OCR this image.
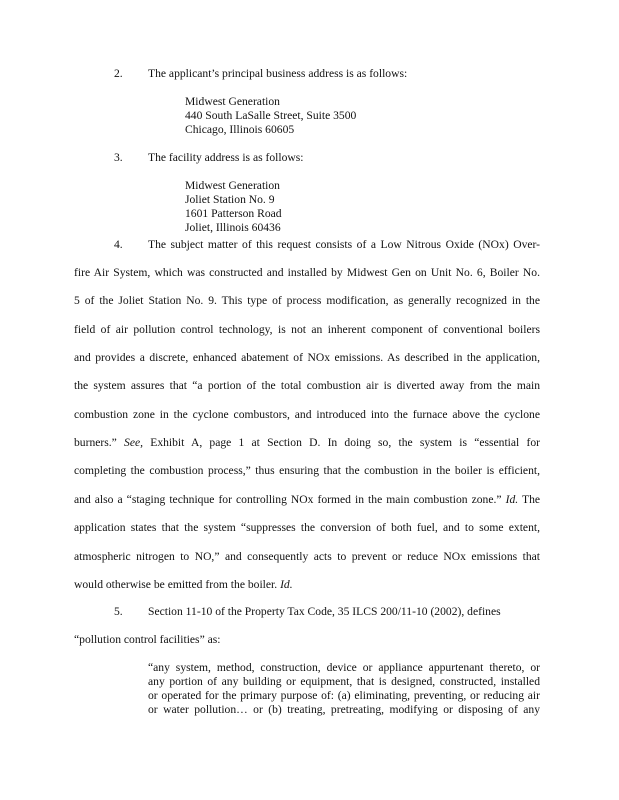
2. The applicant’s principal business address is as follows:
Midwest Generation
440 South LaSalle Street, Suite 3500
Chicago, Illinois 60605
3. The facility address is as follows:
Midwest Generation
Joliet Station No. 9
1601 Patterson Road
Joliet, Illinois 60436
4. The subject matter of this request consists of a Low Nitrous Oxide (NOx) Over-
fire Air System, which was constructed and installed by Midwest Gen on Unit No. 6, Boiler No.
5 of the Joliet Station No. 9. This type of process modification, as generally recognized in the
field of air pollution control technology, is not an inherent component of conventional boilers
and provides a discrete, enhanced abatement of NOx emissions. As described in the application,
the system assures that “a portion of the total combustion air is diverted away from the main
combustion zone in the cyclone combustors, and introduced into the furnace above the cyclone
burners.” See, Exhibit A, page 1 at Section D. In doing so, the system is “essential for
completing the combustion process,” thus ensuring that the combustion in the boiler is efficient,
and also a “staging technique for controlling NOx formed in the main combustion zone.” Id. The
application states that the system “suppresses the conversion of both fuel, and to some extent,
atmospheric nitrogen to NO,” and consequently acts to prevent or reduce NOx emissions that
would otherwise be emitted from the boiler. Id.
5. Section 11-10 of the Property Tax Code, 35 ILCS 200/11-10 (2002), defines
“pollution control facilities” as:
“any system, method, construction, device or appliance appurtenant thereto, or
any portion of any building or equipment, that is designed, constructed, installed
or operated for the primary purpose of: (a) eliminating, preventing, or reducing air
or water pollution… or (b) treating, pretreating, modifying or disposing of any
